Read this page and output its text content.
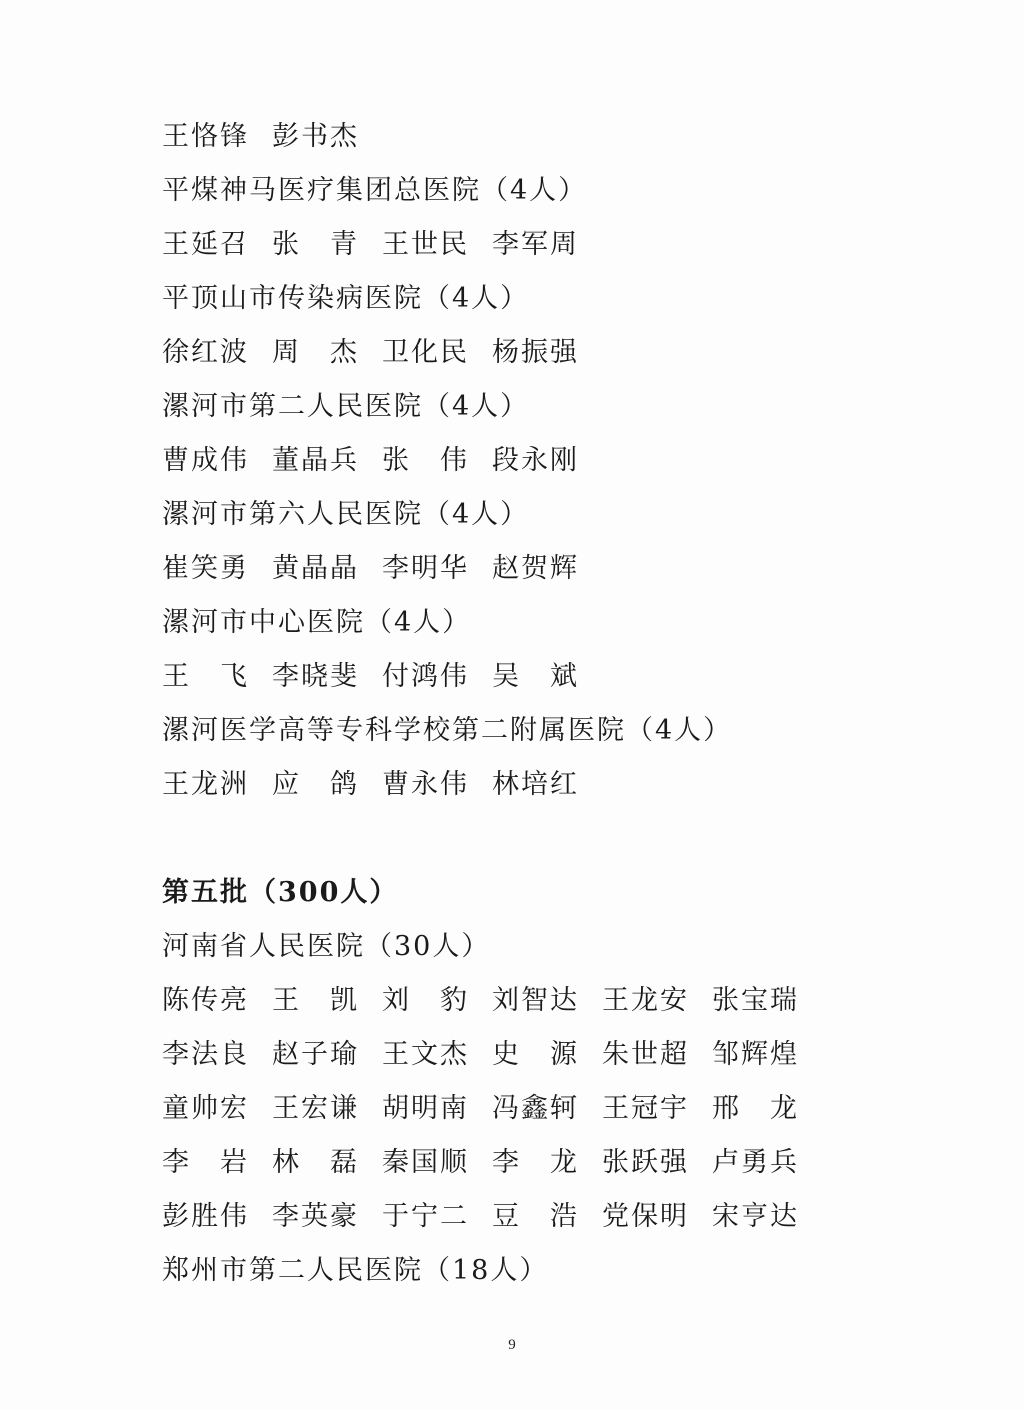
王恪锋 彭书杰
平煤神马医疗集团总医院（4人）
王延召 张　青 王世民 李军周
平顶山市传染病医院（4人）
徐红波 周　杰 卫化民 杨振强
漯河市第二人民医院（4人）
曹成伟 董晶兵 张　伟 段永刚
漯河市第六人民医院（4人）
崔笑勇 黄晶晶 李明华 赵贺辉
漯河市中心医院（4人）
王　飞 李晓斐 付鸿伟 吴　斌
漯河医学高等专科学校第二附属医院（4人）
王龙洲 应　鸽 曹永伟 林培红
第五批（300人）
河南省人民医院（30人）
陈传亮 王　凯 刘　豹 刘智达 王龙安 张宝瑞
李法良 赵子瑜 王文杰 史　源 朱世超 邹辉煌
童帅宏 王宏谦 胡明南 冯鑫轲 王冠宇 邢　龙
李　岩 林　磊 秦国顺 李　龙 张跃强 卢勇兵
彭胜伟 李英豪 于宁二 豆　浩 党保明 宋亨达
郑州市第二人民医院（18人）
9
